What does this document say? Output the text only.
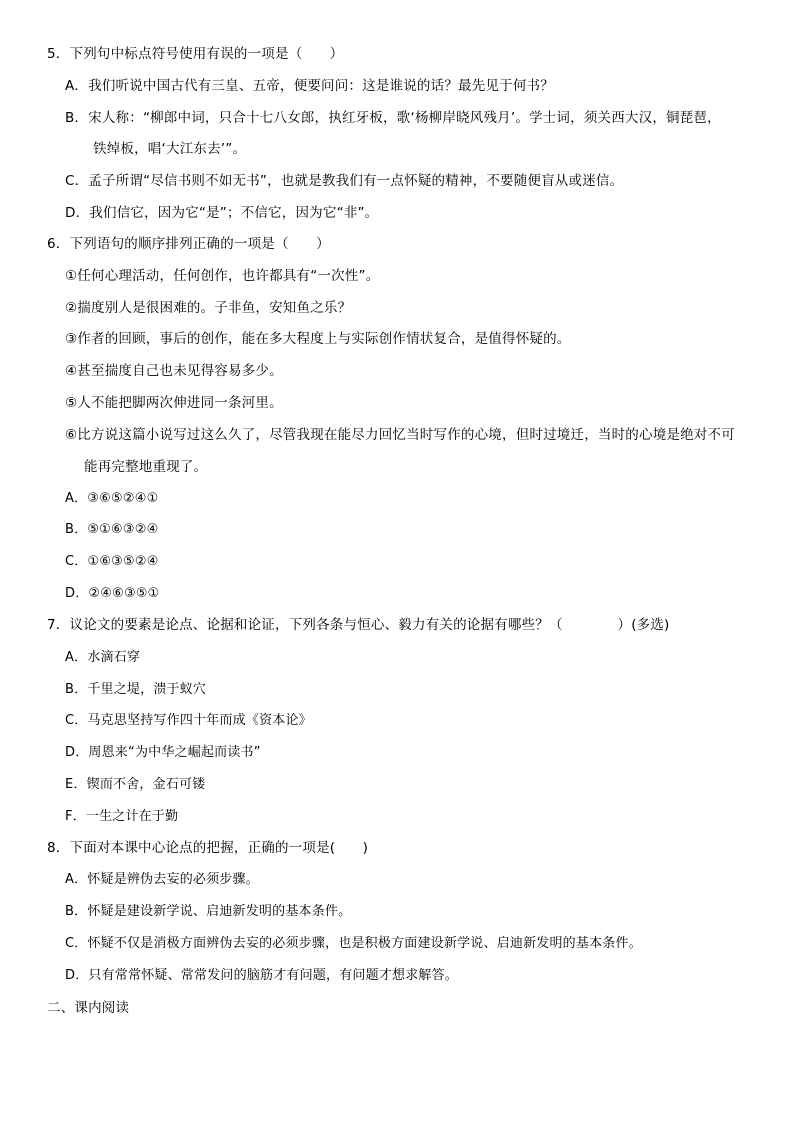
5．下列句中标点符号使用有误的一项是（　　）
A．我们听说中国古代有三皇、五帝，便要问问：这是谁说的话？最先见于何书？
B．宋人称：“柳郎中词，只合十七八女郎，执红牙板，歌‘杨柳岸晓风残月’。学士词，须关西大汉，铜琵琶，
铁绰板，唱‘大江东去’”。
C．孟子所谓“尽信书则不如无书”，也就是教我们有一点怀疑的精神，不要随便盲从或迷信。
D．我们信它，因为它“是”；不信它，因为它“非”。
6．下列语句的顺序排列正确的一项是（　　）
①任何心理活动，任何创作，也许都具有“一次性”。
②揣度别人是很困难的。子非鱼，安知鱼之乐？
③作者的回顾，事后的创作，能在多大程度上与实际创作情状复合，是值得怀疑的。
④甚至揣度自己也未见得容易多少。
⑤人不能把脚两次伸进同一条河里。
⑥比方说这篇小说写过这么久了，尽管我现在能尽力回忆当时写作的心境，但时过境迁，当时的心境是绝对不可
能再完整地重现了。
A．③⑥⑤②④①
B．⑤①⑥③②④
C．①⑥③⑤②④
D．②④⑥③⑤①
7．议论文的要素是论点、论据和论证，下列各条与恒心、毅力有关的论据有哪些？（　　　　）(多选)
A．水滴石穿
B．千里之堤，溃于蚁穴
C．马克思坚持写作四十年而成《资本论》
D．周恩来“为中华之崛起而读书”
E．锲而不舍，金石可镂
F．一生之计在于勤
8．下面对本课中心论点的把握，正确的一项是(　　)
A．怀疑是辨伪去妄的必须步骤。
B．怀疑是建设新学说、启迪新发明的基本条件。
C．怀疑不仅是消极方面辨伪去妄的必须步骤，也是积极方面建设新学说、启迪新发明的基本条件。
D．只有常常怀疑、常常发问的脑筋才有问题，有问题才想求解答。
二、课内阅读
